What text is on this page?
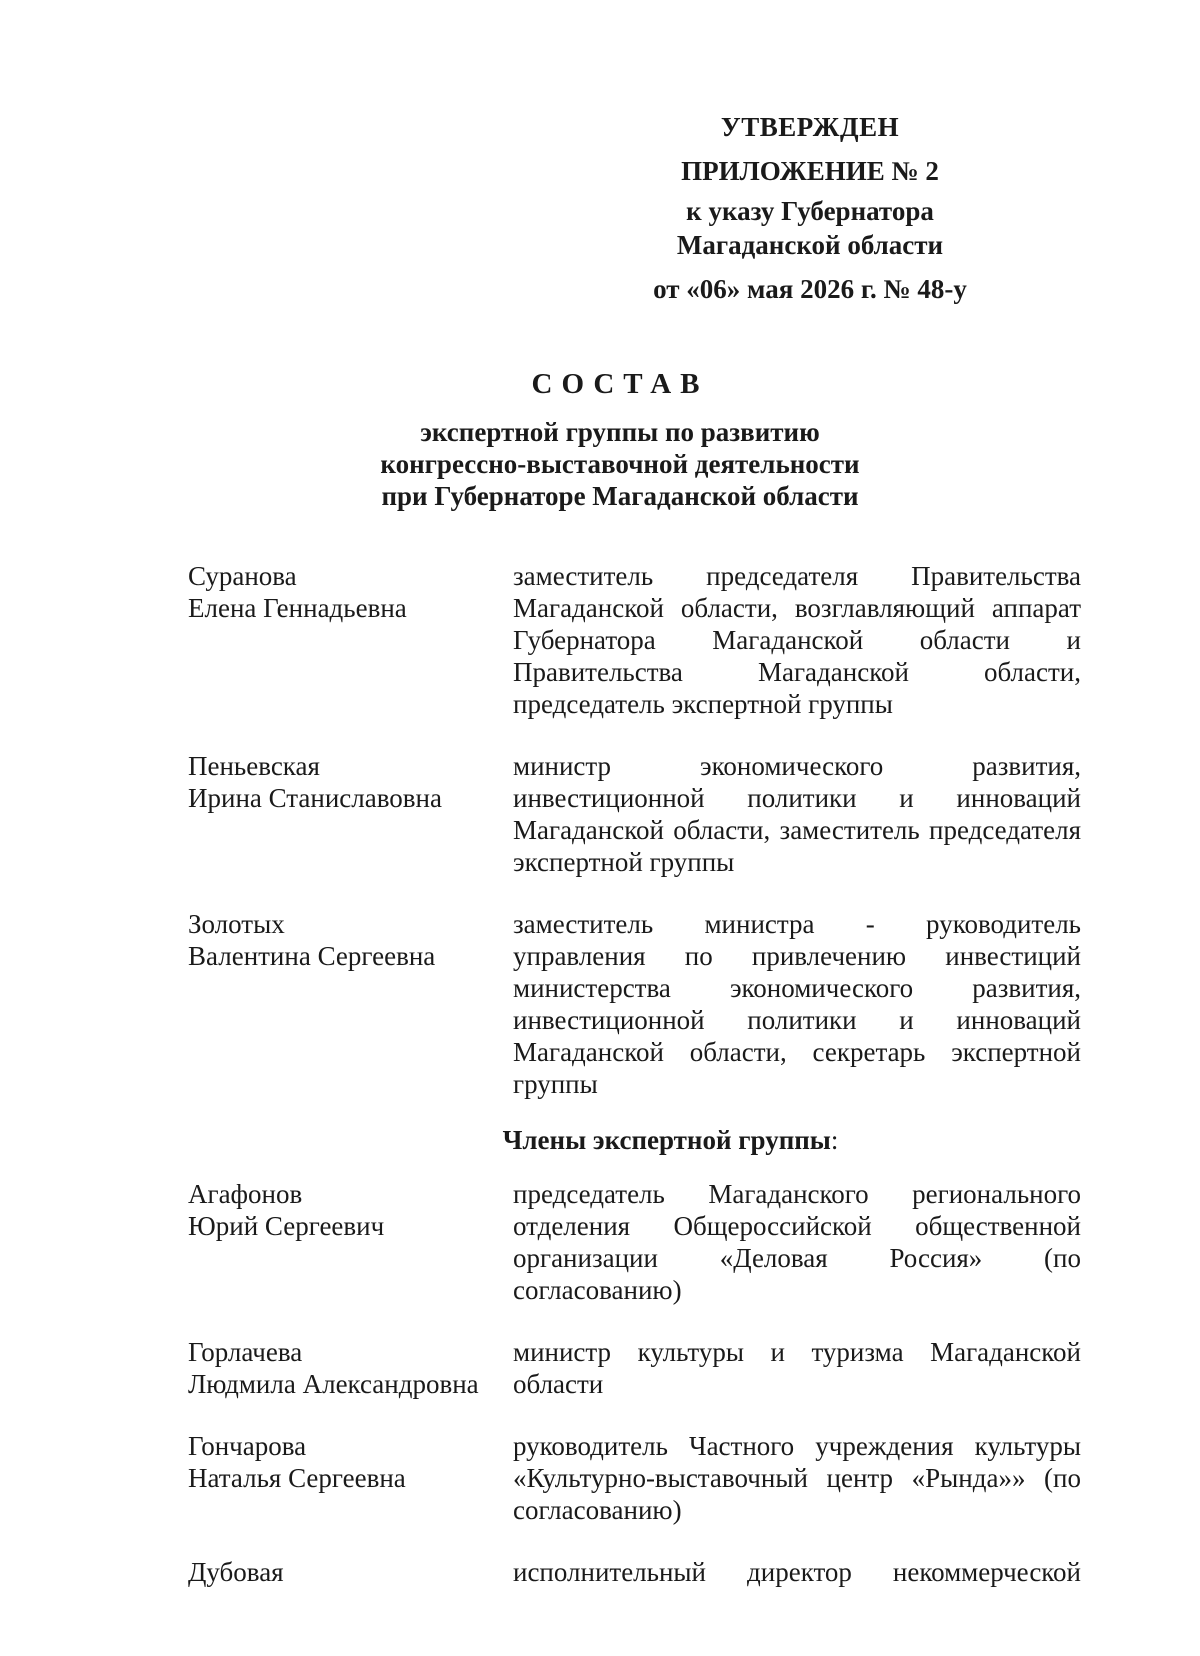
УТВЕРЖДЕН
ПРИЛОЖЕНИЕ № 2
к указу Губернатора
Магаданской области
от «06» мая 2026 г. № 48-у
СОСТАВ
экспертной группы по развитию
конгрессно-выставочной деятельности
при Губернаторе Магаданской области
Суранова
Елена Геннадьевна
заместитель председателя Правительства Магаданской области, возглавляющий аппарат Губернатора Магаданской области и Правительства Магаданской области, председатель экспертной группы
Пеньевская
Ирина Станиславовна
министр экономического развития, инвестиционной политики и инноваций Магаданской области, заместитель председателя экспертной группы
Золотых
Валентина Сергеевна
заместитель министра - руководитель управления по привлечению инвестиций министерства экономического развития, инвестиционной политики и инноваций Магаданской области, секретарь экспертной группы
Члены экспертной группы:
Агафонов
Юрий Сергеевич
председатель Магаданского регионального отделения Общероссийской общественной организации «Деловая Россия» (по согласованию)
Горлачева
Людмила Александровна
министр культуры и туризма Магаданской области
Гончарова
Наталья Сергеевна
руководитель Частного учреждения культуры «Культурно-выставочный центр «Рында»» (по согласованию)
Дубовая	исполнительный директор некоммерческой
